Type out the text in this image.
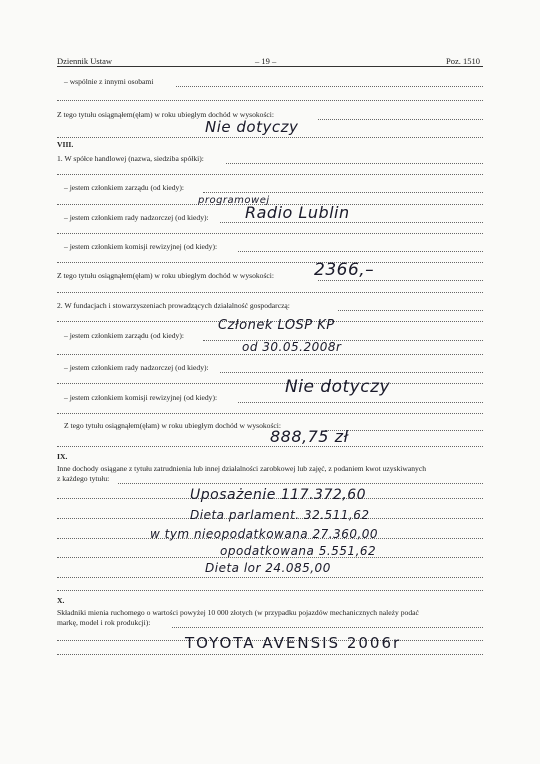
Dziennik Ustaw	– 19 –	Poz. 1510
– wspólnie z innymi osobami
Z tego tytułu osiągnąłem(ęłam) w roku ubiegłym dochód w wysokości:
Nie dotyczy
VIII.
1. W spółce handlowej (nazwa, siedziba spółki):
– jestem członkiem zarządu (od kiedy):
programowej
– jestem członkiem rady nadzorczej (od kiedy): Radio Lublin
– jestem członkiem komisji rewizyjnej (od kiedy):
Z tego tytułu osiągnąłem(ęłam) w roku ubiegłym dochód w wysokości: 2366,–
2. W fundacjach i stowarzyszeniach prowadzących działalność gospodarczą:
– jestem członkiem zarządu (od kiedy):
Członek LOSP KP
od 30.05.2008r
– jestem członkiem rady nadzorczej (od kiedy):
– jestem członkiem komisji rewizyjnej (od kiedy):
Nie dotyczy
Z tego tytułu osiągnąłem(ęłam) w roku ubiegłym dochód w wysokości:
888,75 zł
IX.
Inne dochody osiągane z tytułu zatrudnienia lub innej działalności zarobkowej lub zajęć, z podaniem kwot uzyskiwanych
z każdego tytułu:
Uposażenie 117.372,60
Dieta parlament. 32.511,62
w tym nieopodatkowana 27.360,00
opodatkowana 5.551,62
Dieta lor 24.085,00
X.
Składniki mienia ruchomego o wartości powyżej 10 000 złotych (w przypadku pojazdów mechanicznych należy podać
markę, model i rok produkcji):
TOYOTA AVENSIS 2006r
